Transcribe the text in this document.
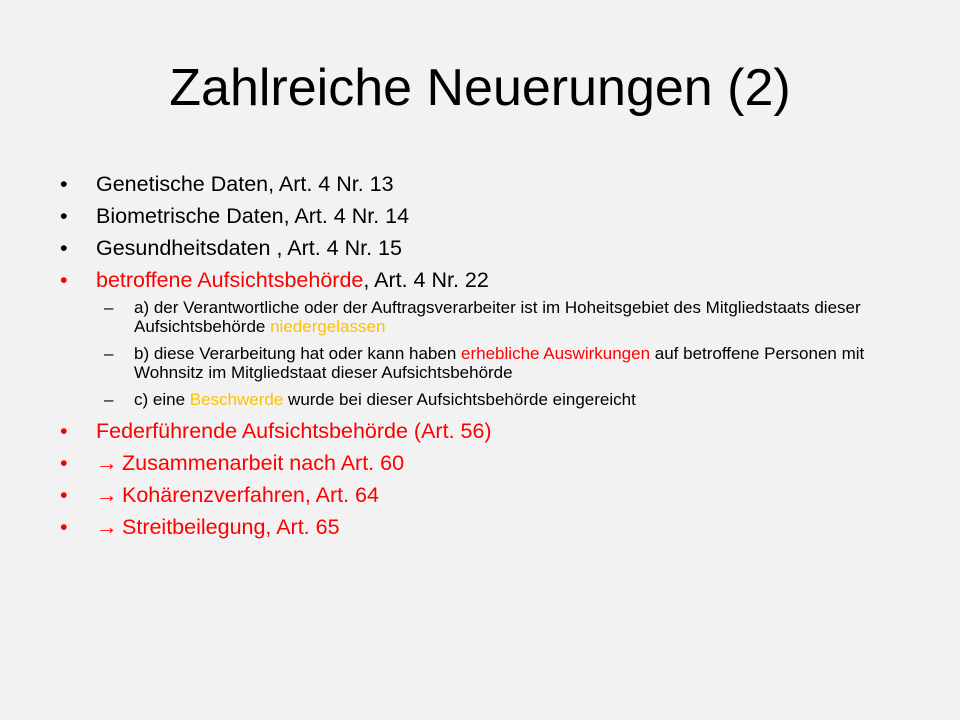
Zahlreiche Neuerungen (2)
• Genetische Daten, Art. 4 Nr. 13
• Biometrische Daten, Art. 4 Nr. 14
• Gesundheitsdaten , Art. 4 Nr. 15
• betroffene Aufsichtsbehörde, Art. 4 Nr. 22
– a) der Verantwortliche oder der Auftragsverarbeiter ist im Hoheitsgebiet des Mitgliedstaats dieser Aufsichtsbehörde niedergelassen
– b) diese Verarbeitung hat oder kann haben erhebliche Auswirkungen auf betroffene Personen mit Wohnsitz im Mitgliedstaat dieser Aufsichtsbehörde
– c) eine Beschwerde wurde bei dieser Aufsichtsbehörde eingereicht
• Federführende Aufsichtsbehörde (Art. 56)
• → Zusammenarbeit nach Art. 60
• → Kohärenzverfahren, Art. 64
• → Streitbeilegung, Art. 65
